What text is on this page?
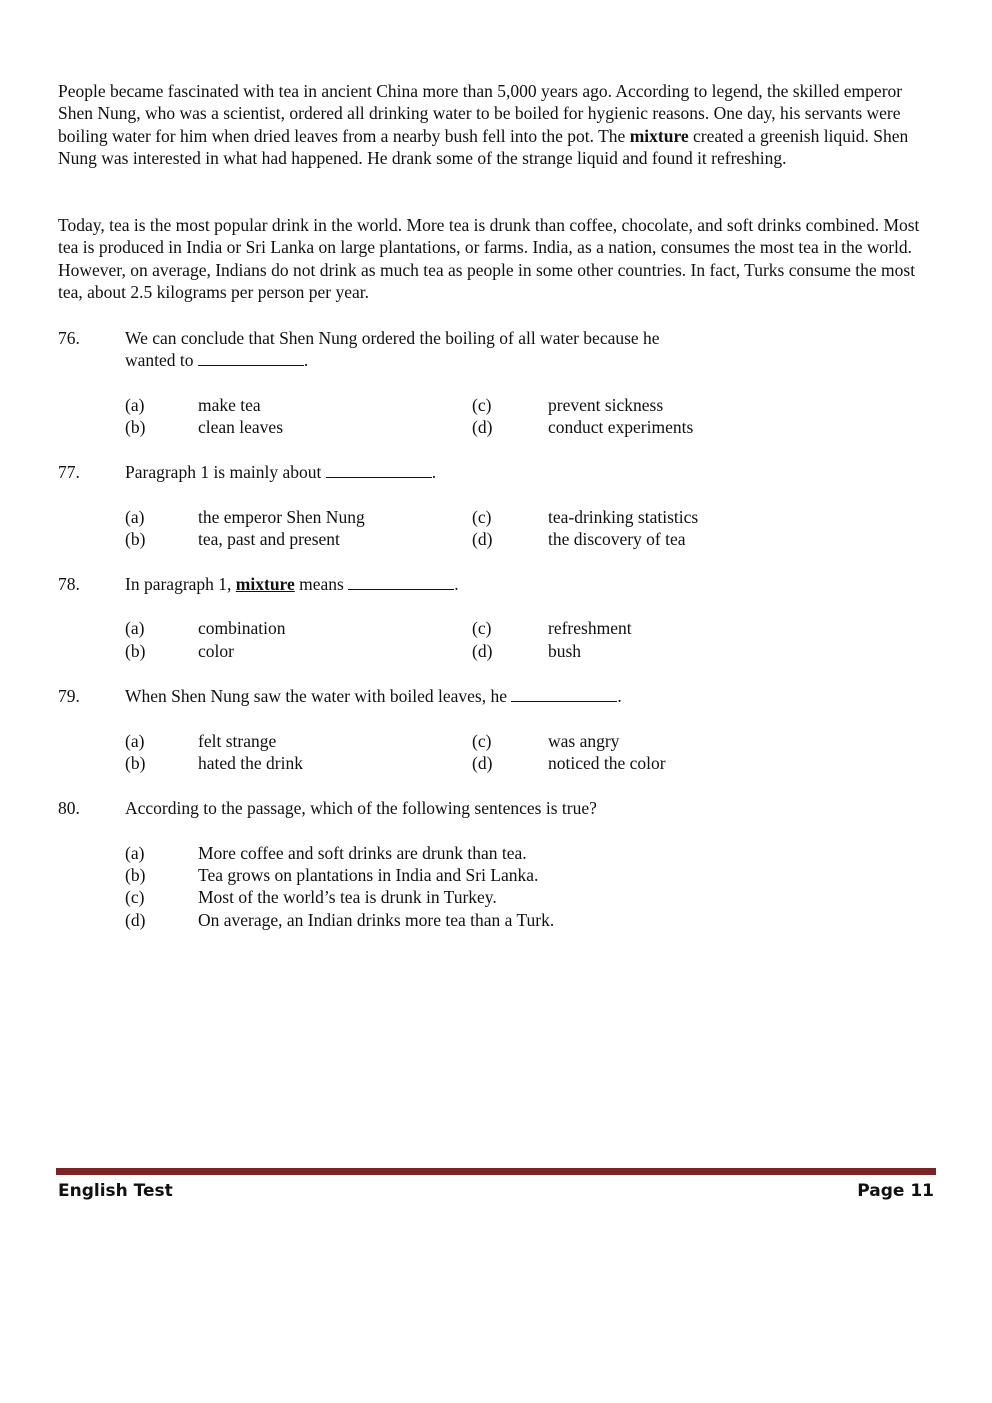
People became fascinated with tea in ancient China more than 5,000 years ago. According to legend, the skilled emperor Shen Nung, who was a scientist, ordered all drinking water to be boiled for hygienic reasons. One day, his servants were boiling water for him when dried leaves from a nearby bush fell into the pot. The mixture created a greenish liquid. Shen Nung was interested in what had happened. He drank some of the strange liquid and found it refreshing.

Today, tea is the most popular drink in the world. More tea is drunk than coffee, chocolate, and soft drinks combined. Most tea is produced in India or Sri Lanka on large plantations, or farms. India, as a nation, consumes the most tea in the world. However, on average, Indians do not drink as much tea as people in some other countries. In fact, Turks consume the most tea, about 2.5 kilograms per person per year.

76.	We can conclude that Shen Nung ordered the boiling of all water because he
wanted to	.
(a)	make tea
(b)	clean leaves
(c)	prevent sickness
(d)	conduct experiments
77.	Paragraph 1 is mainly about	.
(a)	the emperor Shen Nung
(b)	tea, past and present
(c)	tea-drinking statistics
(d)	the discovery of tea
78.	In paragraph 1, mixture means	.
(a)	combination
(b)	color
(c)	refreshment
(d)	bush
79.	When Shen Nung saw the water with boiled leaves, he	.
(a)	felt strange
(b)	hated the drink
(c)	was angry
(d)	noticed the color
80.	According to the passage, which of the following sentences is true?
(a)	More coffee and soft drinks are drunk than tea.
(b)	Tea grows on plantations in India and Sri Lanka.
(c)	Most of the world’s tea is drunk in Turkey.
(d)	On average, an Indian drinks more tea than a Turk.
English Test	Page 11
